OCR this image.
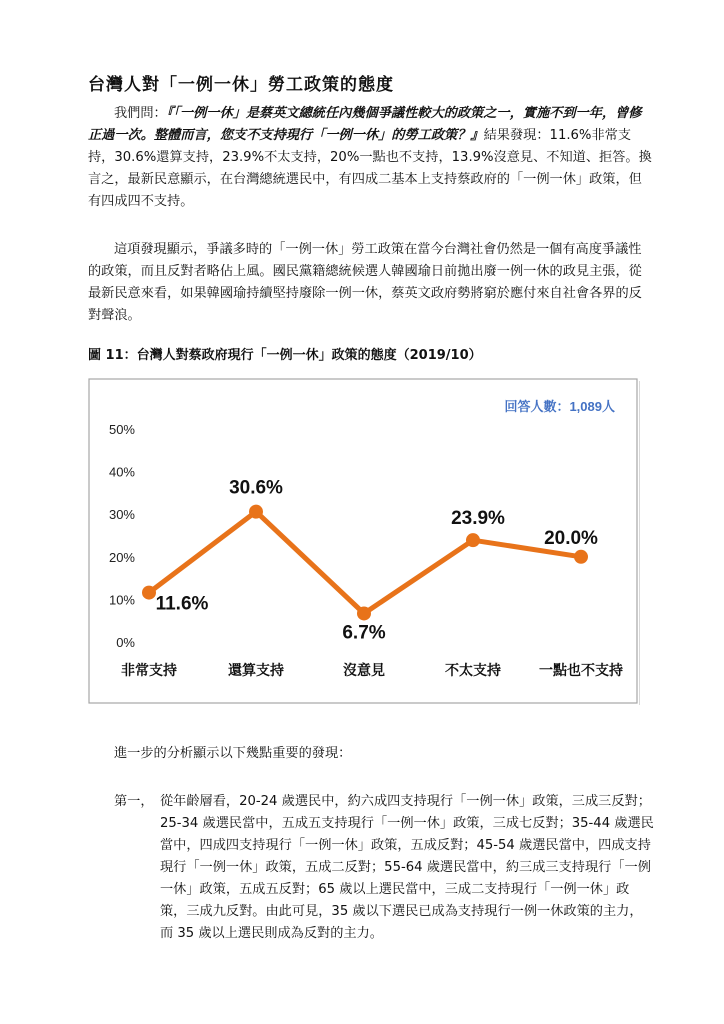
台灣人對「一例一休」勞工政策的態度
我們問：『「一例一休」是蔡英文總統任內幾個爭議性較大的政策之一，實施不到一年，曾修正過一次。整體而言，您支不支持現行「一例一休」的勞工政策？』結果發現：11.6%非常支持，30.6%還算支持，23.9%不太支持，20%一點也不支持，13.9%沒意見、不知道、拒答。換言之，最新民意顯示，在台灣總統選民中，有四成二基本上支持蔡政府的「一例一休」政策，但有四成四不支持。
這項發現顯示，爭議多時的「一例一休」勞工政策在當今台灣社會仍然是一個有高度爭議性的政策，而且反對者略佔上風。國民黨籍總統候選人韓國瑜日前拋出廢一例一休的政見主張，從最新民意來看，如果韓國瑜持續堅持廢除一例一休，蔡英文政府勢將窮於應付來自社會各界的反對聲浪。
圖 11：台灣人對蔡政府現行「一例一休」政策的態度（2019/10）
回答人數：1,089人
0%
10%
20%
30%
40%
50%
非常支持	還算支持	沒意見	不太支持	一點也不支持
11.6%
30.6%
6.7%
23.9%
20.0%
進一步的分析顯示以下幾點重要的發現：
第一， 從年齡層看，20-24 歲選民中，約六成四支持現行「一例一休」政策，三成三反對；25-34 歲選民當中，五成五支持現行「一例一休」政策，三成七反對；35-44 歲選民當中，四成四支持現行「一例一休」政策，五成反對；45-54 歲選民當中，四成支持現行「一例一休」政策，五成二反對；55-64 歲選民當中，約三成三支持現行「一例一休」政策，五成五反對；65 歲以上選民當中，三成二支持現行「一例一休」政策，三成九反對。由此可見，35 歲以下選民已成為支持現行一例一休政策的主力，而 35 歲以上選民則成為反對的主力。
